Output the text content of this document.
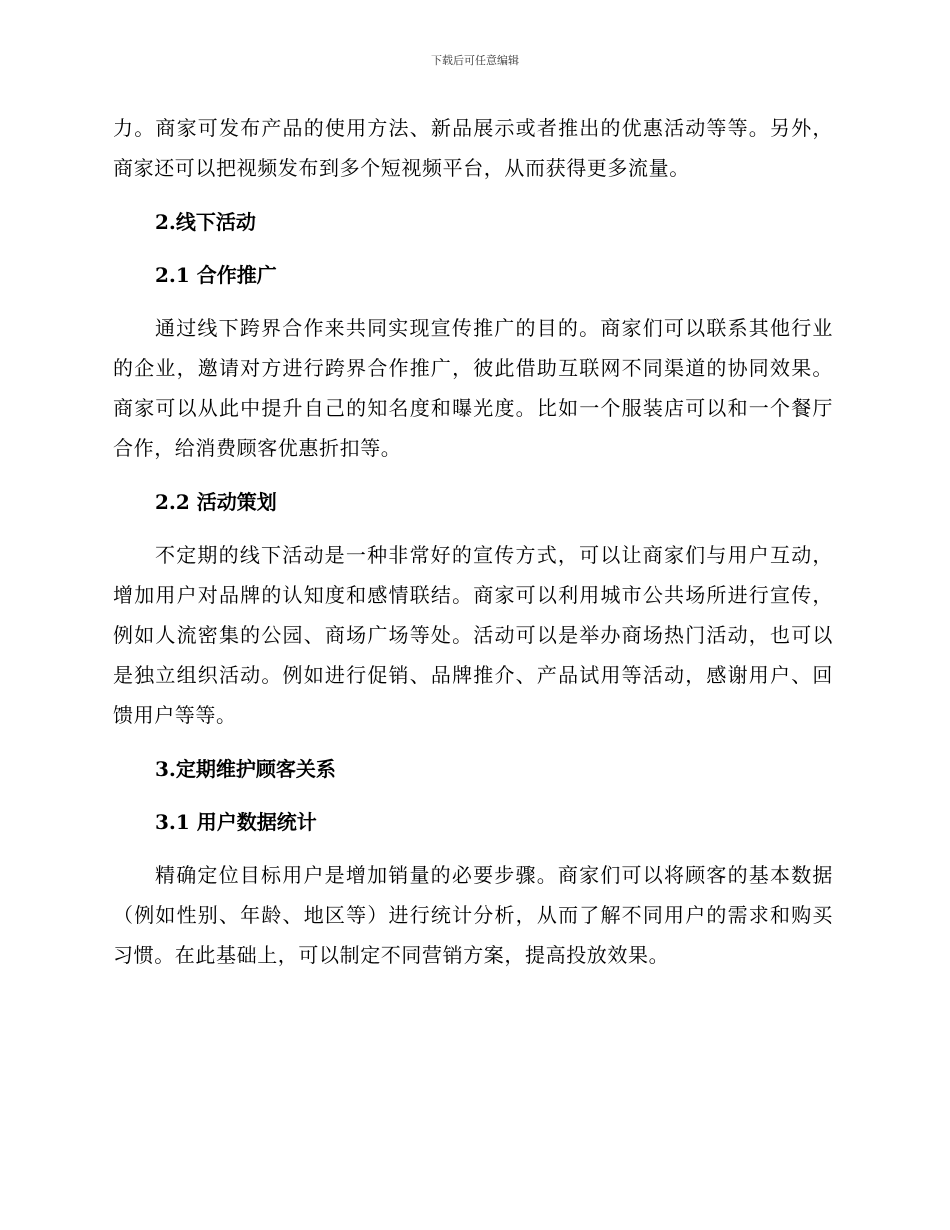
下载后可任意编辑

力。商家可发布产品的使用方法、新品展示或者推出的优惠活动等等。另外，商家还可以把视频发布到多个短视频平台，从而获得更多流量。

2.线下活动
2.1 合作推广

通过线下跨界合作来共同实现宣传推广的目的。商家们可以联系其他行业的企业，邀请对方进行跨界合作推广，彼此借助互联网不同渠道的协同效果。商家可以从此中提升自己的知名度和曝光度。比如一个服装店可以和一个餐厅合作，给消费顾客优惠折扣等。

2.2 活动策划

不定期的线下活动是一种非常好的宣传方式，可以让商家们与用户互动，增加用户对品牌的认知度和感情联结。商家可以利用城市公共场所进行宣传，例如人流密集的公园、商场广场等处。活动可以是举办商场热门活动，也可以是独立组织活动。例如进行促销、品牌推介、产品试用等活动，感谢用户、回馈用户等等。

3.定期维护顾客关系
3.1 用户数据统计

精确定位目标用户是增加销量的必要步骤。商家们可以将顾客的基本数据（例如性别、年龄、地区等）进行统计分析，从而了解不同用户的需求和购买习惯。在此基础上，可以制定不同营销方案，提高投放效果。
